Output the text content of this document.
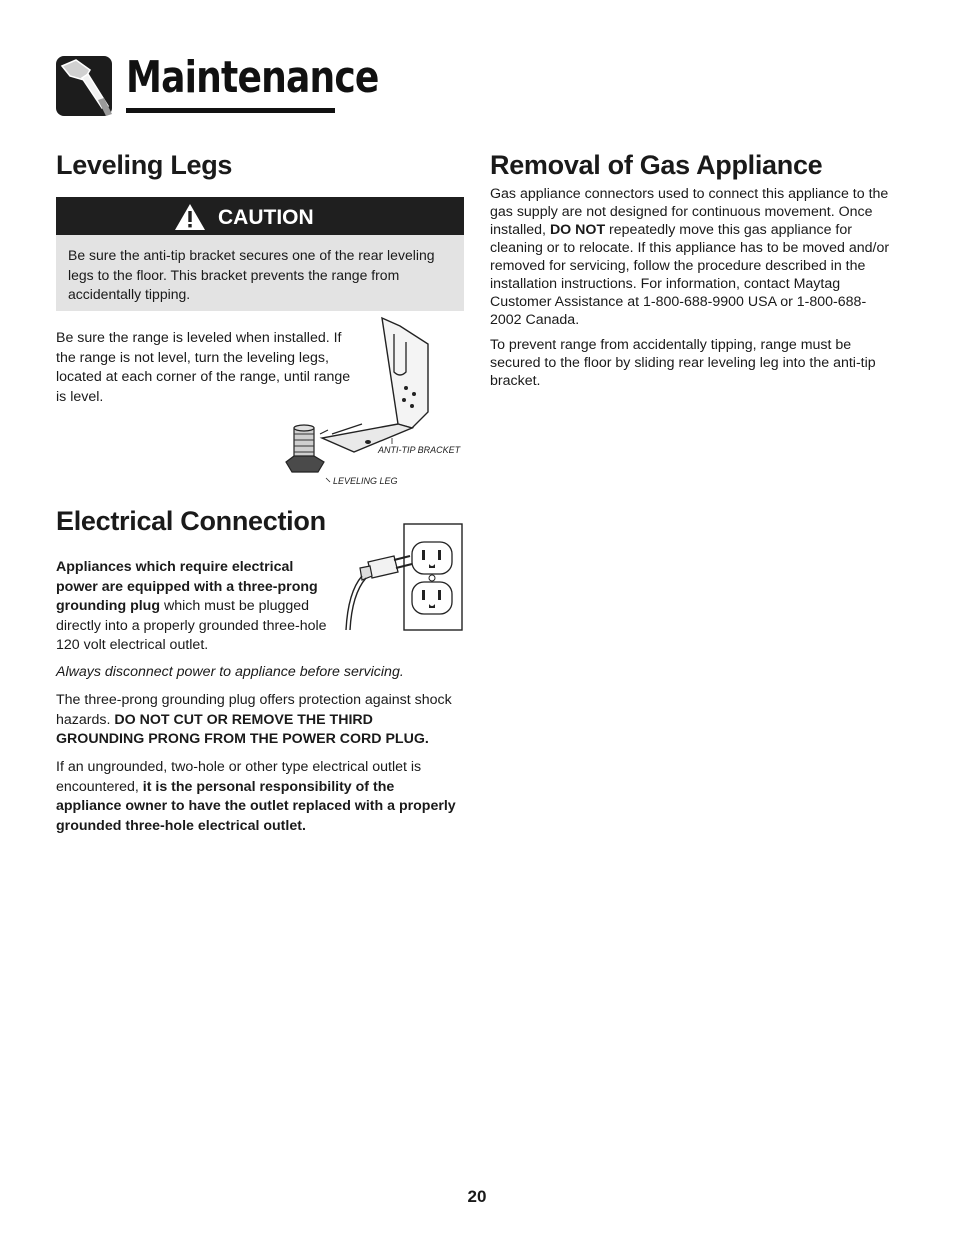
Maintenance
Leveling Legs
CAUTION

Be sure the anti-tip bracket secures one of the rear leveling legs to the floor. This bracket prevents the range from accidentally tipping.

Be sure the range is leveled when installed. If the range is not level, turn the leveling legs, located at each corner of the range, until range is level.

ANTI-TIP BRACKET
LEVELING LEG
Electrical Connection

Appliances which require electrical power are equipped with a three-prong grounding plug which must be plugged directly into a properly grounded three-hole 120 volt electrical outlet.

Always disconnect power to appliance before servicing.

The three-prong grounding plug offers protection against shock hazards. DO NOT CUT OR REMOVE THE THIRD GROUNDING PRONG FROM THE POWER CORD PLUG.

If an ungrounded, two-hole or other type electrical outlet is encountered, it is the personal responsibility of the appliance owner to have the outlet replaced with a properly grounded three-hole electrical outlet.

Removal of Gas Appliance

Gas appliance connectors used to connect this appliance to the gas supply are not designed for continuous movement. Once installed, DO NOT repeatedly move this gas appliance for cleaning or to relocate. If this appliance has to be moved and/or removed for servicing, follow the procedure described in the installation instructions. For information, contact Maytag Customer Assistance at 1-800-688-9900 USA or 1-800-688-2002 Canada.

To prevent range from accidentally tipping, range must be secured to the floor by sliding rear leveling leg into the anti-tip bracket.

20
